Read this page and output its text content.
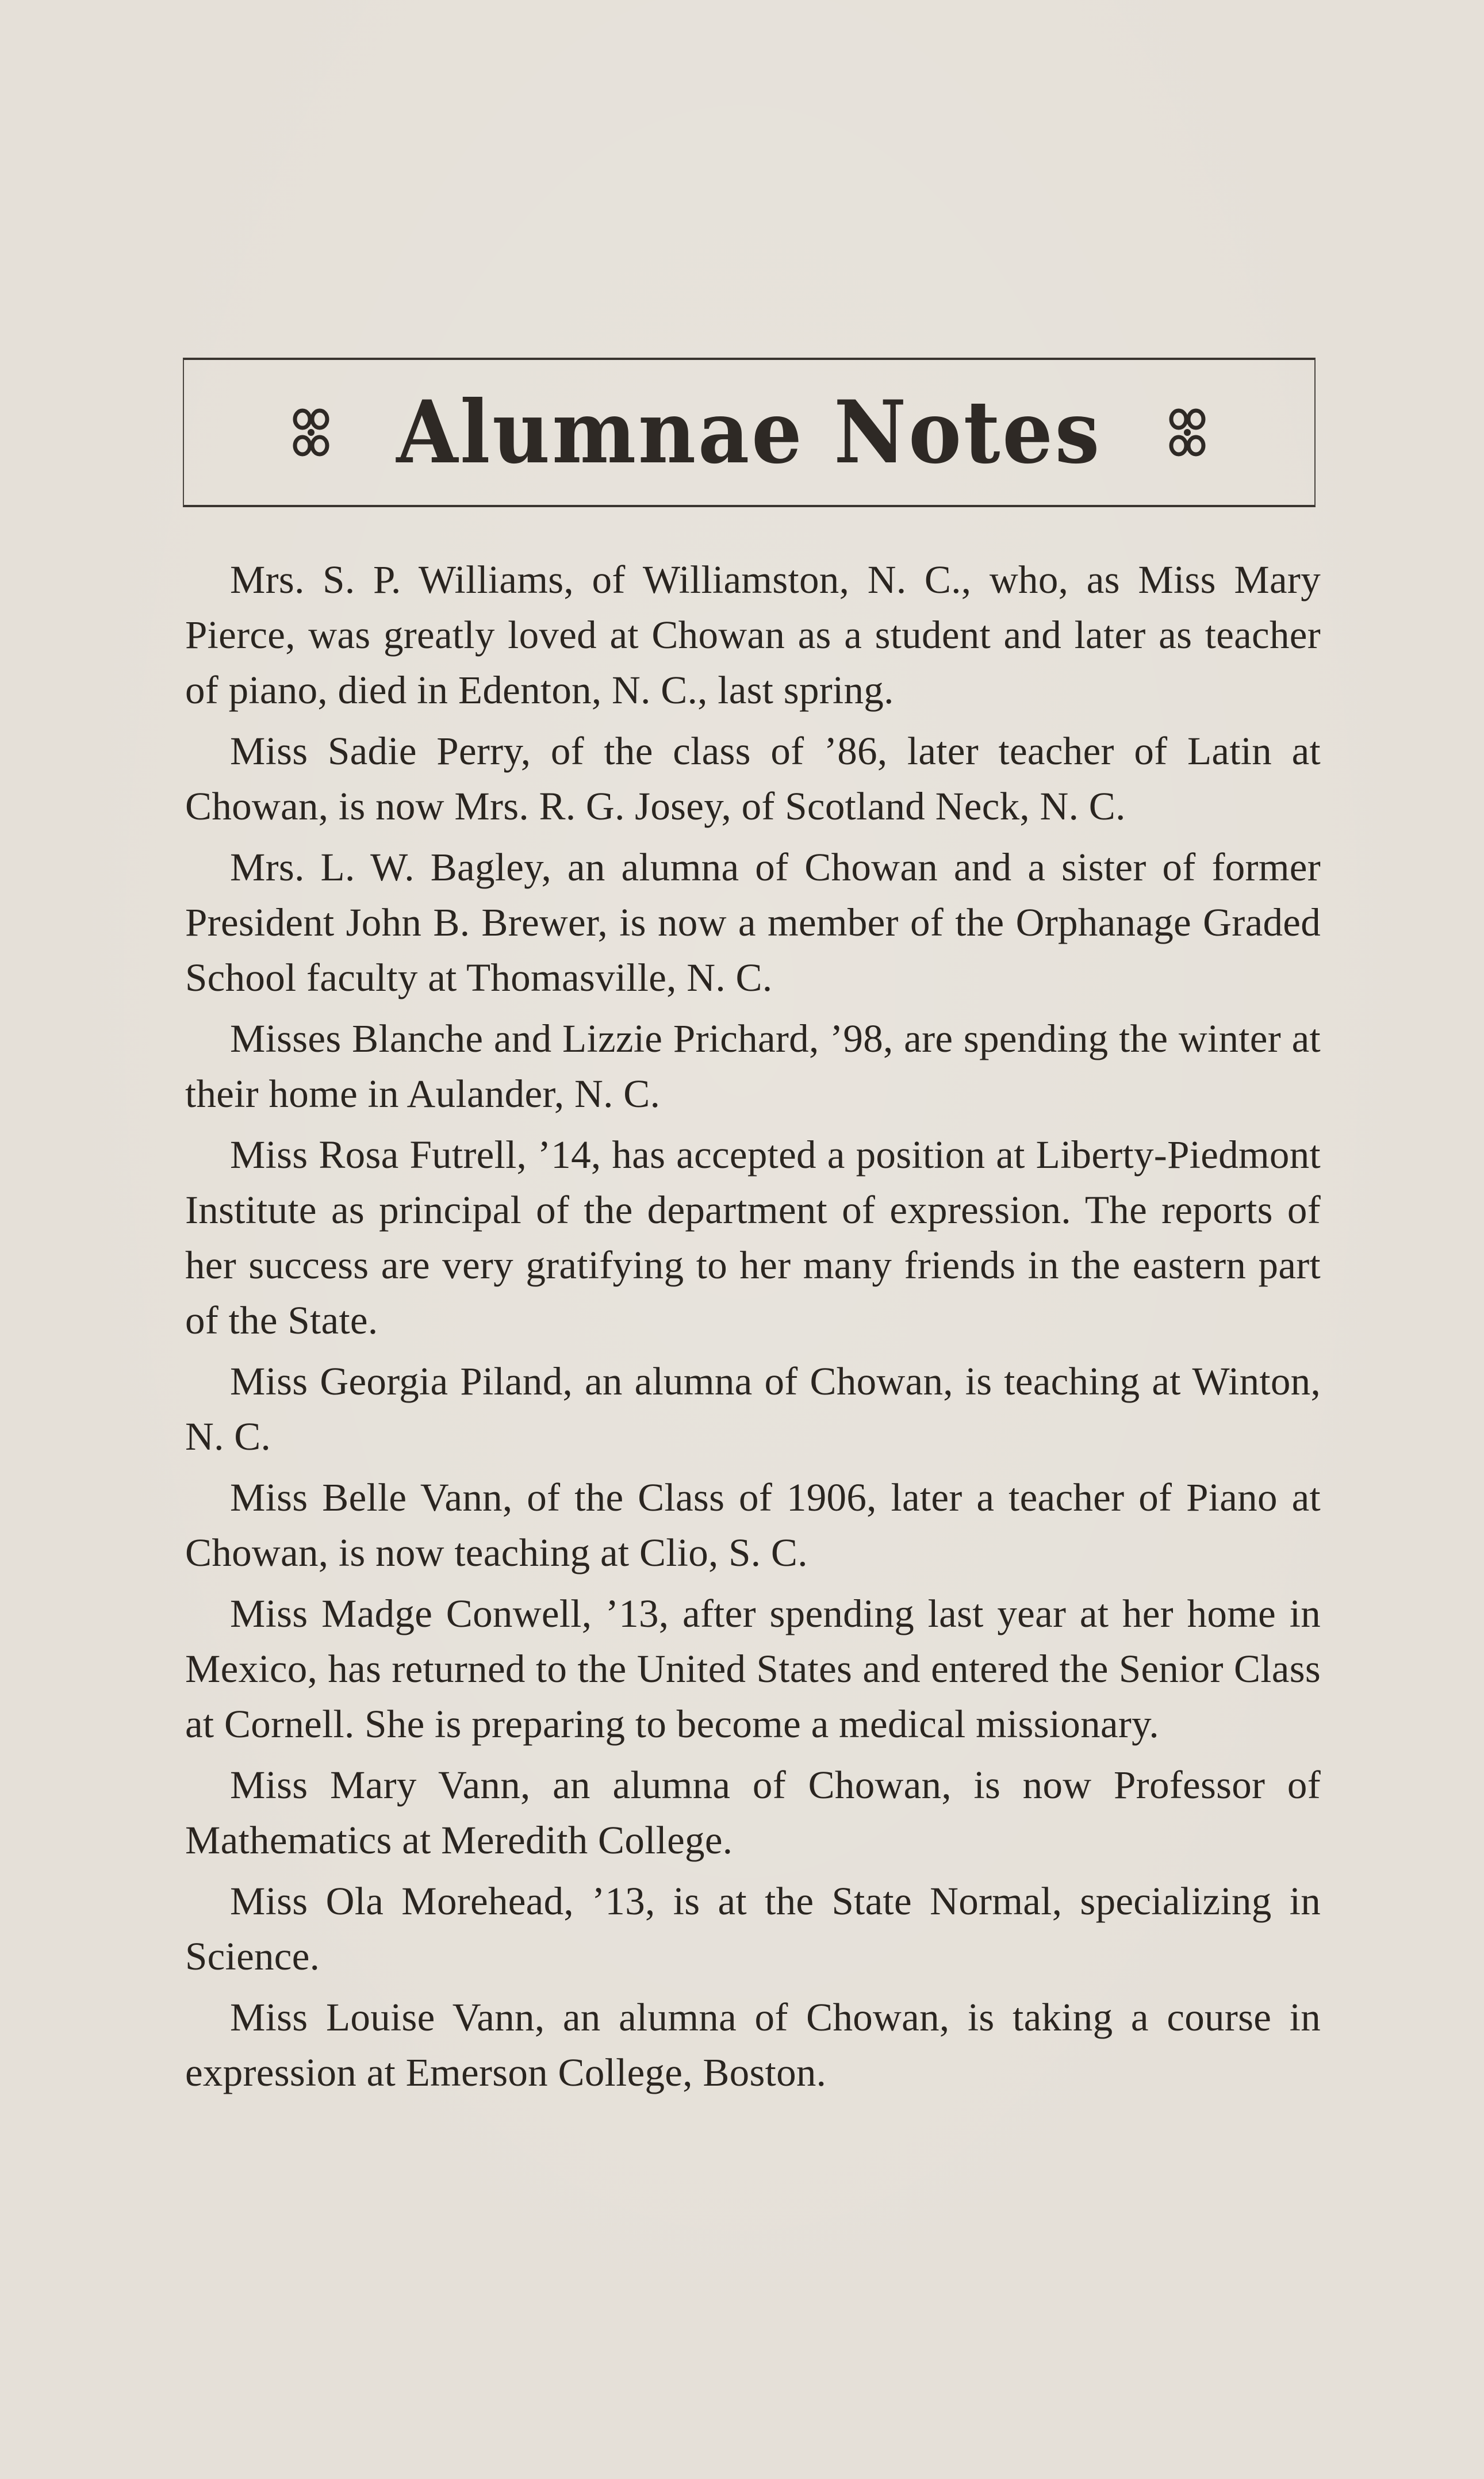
Alumnae Notes

Mrs. S. P. Williams, of Williamston, N. C., who, as Miss Mary Pierce, was greatly loved at Chowan as a student and later as teacher of piano, died in Edenton, N. C., last spring.

Miss Sadie Perry, of the class of ’86, later teacher of Latin at Chowan, is now Mrs. R. G. Josey, of Scotland Neck, N. C.

Mrs. L. W. Bagley, an alumna of Chowan and a sister of former President John B. Brewer, is now a member of the Orphanage Graded School faculty at Thomasville, N. C.

Misses Blanche and Lizzie Prichard, ’98, are spending the winter at their home in Aulander, N. C.

Miss Rosa Futrell, ’14, has accepted a position at Liberty-Piedmont Institute as principal of the department of expression. The reports of her success are very gratifying to her many friends in the eastern part of the State.

Miss Georgia Piland, an alumna of Chowan, is teaching at Winton, N. C.

Miss Belle Vann, of the Class of 1906, later a teacher of Piano at Chowan, is now teaching at Clio, S. C.

Miss Madge Conwell, ’13, after spending last year at her home in Mexico, has returned to the United States and entered the Senior Class at Cornell. She is preparing to become a medical missionary.

Miss Mary Vann, an alumna of Chowan, is now Professor of Mathematics at Meredith College.

Miss Ola Morehead, ’13, is at the State Normal, specializing in Science.

Miss Louise Vann, an alumna of Chowan, is taking a course in expression at Emerson College, Boston.
